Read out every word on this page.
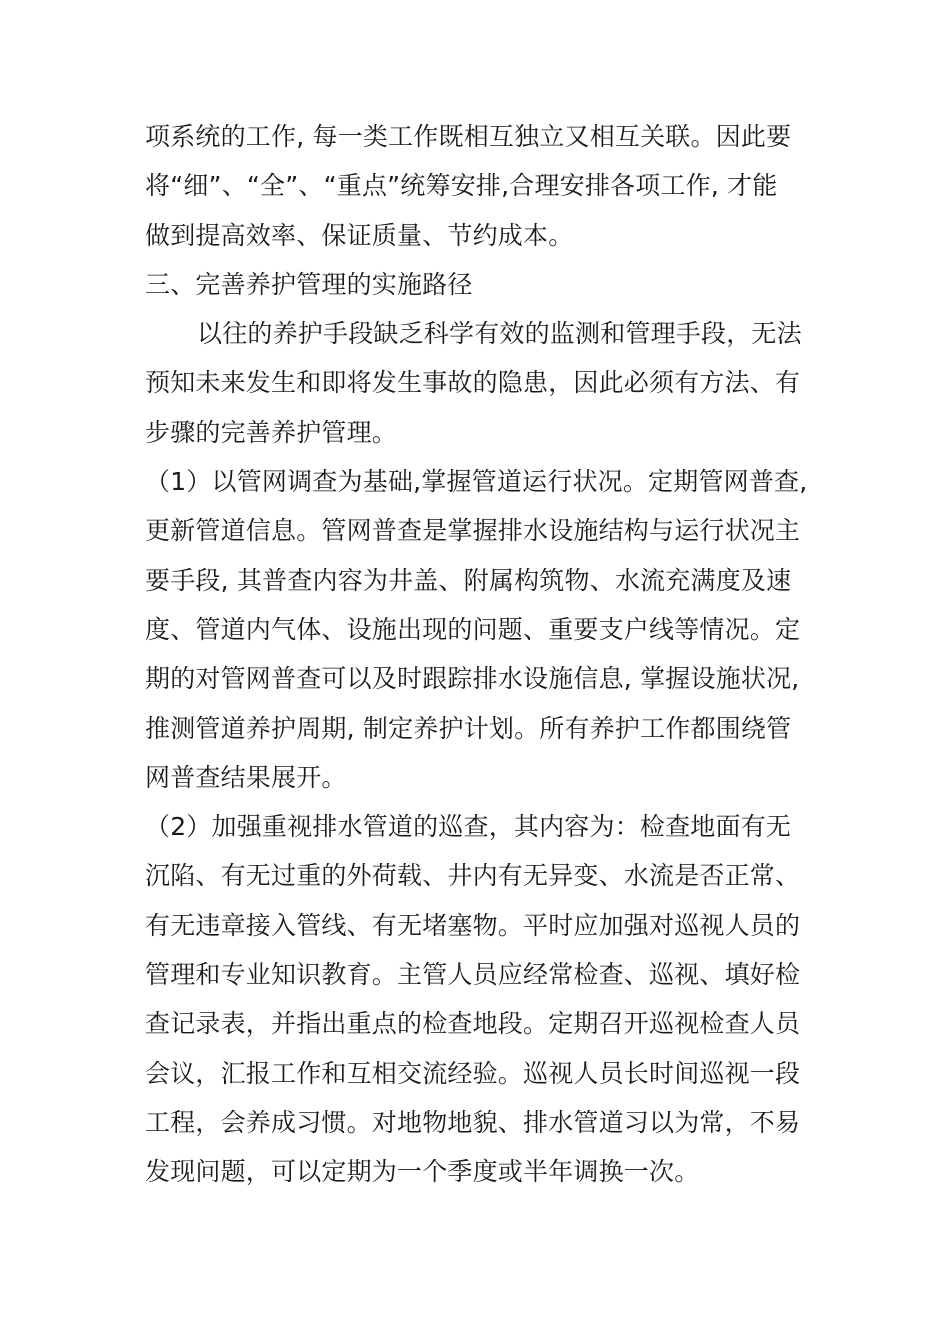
项系统的工作, 每一类工作既相互独立又相互关联。因此要
将“细”、“全”、“重点”统筹安排,合理安排各项工作, 才能
做到提高效率、保证质量、节约成本。
三、完善养护管理的实施路径
以往的养护手段缺乏科学有效的监测和管理手段，无法
预知未来发生和即将发生事故的隐患，因此必须有方法、有
步骤的完善养护管理。
（1）以管网调查为基础,掌握管道运行状况。定期管网普查,
更新管道信息。管网普查是掌握排水设施结构与运行状况主
要手段, 其普查内容为井盖、附属构筑物、水流充满度及速
度、管道内气体、设施出现的问题、重要支户线等情况。定
期的对管网普查可以及时跟踪排水设施信息, 掌握设施状况,
推测管道养护周期, 制定养护计划。所有养护工作都围绕管
网普查结果展开。
（2）加强重视排水管道的巡查，其内容为：检查地面有无
沉陷、有无过重的外荷载、井内有无异变、水流是否正常、
有无违章接入管线、有无堵塞物。平时应加强对巡视人员的
管理和专业知识教育。主管人员应经常检查、巡视、填好检
查记录表，并指出重点的检查地段。定期召开巡视检查人员
会议，汇报工作和互相交流经验。巡视人员长时间巡视一段
工程，会养成习惯。对地物地貌、排水管道习以为常，不易
发现问题，可以定期为一个季度或半年调换一次。
